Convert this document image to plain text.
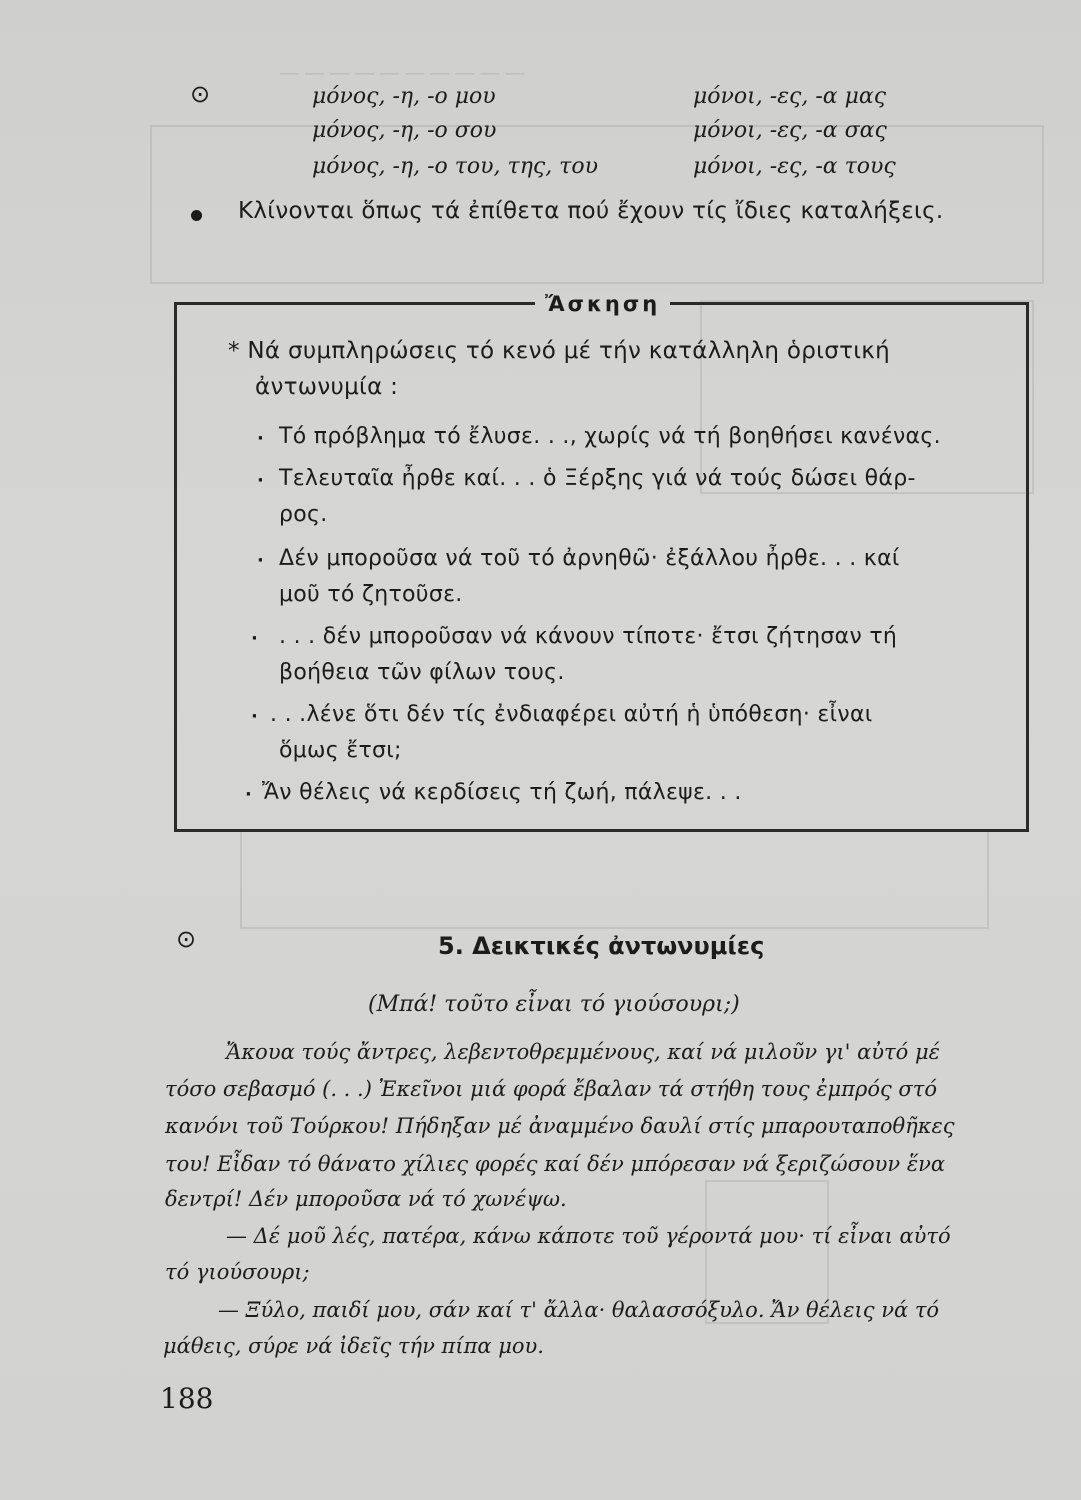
― ― ― ― ― ― ― ― ― ―
⊙	μόνος, -η, -ο μου	μόνοι, -ες, -α μας
μόνος, -η, -ο σου	μόνοι, -ες, -α σας
μόνος, -η, -ο του, της, του	μόνοι, -ες, -α τους
Κλίνονται ὅπως τά ἐπίθετα πού ἔχουν τίς ἴδιες καταλήξεις.
Ἄσκηση
* Νά συμπληρώσεις τό κενό μέ τήν κατάλληλη ὁριστική
ἀντωνυμία :
· Τό πρόβλημα τό ἔλυσε. . ., χωρίς νά τή βοηθήσει κανένας.
· Τελευταῖα ἦρθε καί. . . ὁ Ξέρξης γιά νά τούς δώσει θάρ-
ρος.
· Δέν μποροῦσα νά τοῦ τό ἀρνηθῶ· ἐξάλλου ἦρθε. . . καί
μοῦ τό ζητοῦσε.
· . . . δέν μποροῦσαν νά κάνουν τίποτε· ἔτσι ζήτησαν τή
βοήθεια τῶν φίλων τους.
· . . .λένε ὅτι δέν τίς ἐνδιαφέρει αὐτή ἡ ὑπόθεση· εἶναι
ὅμως ἔτσι;
· Ἄν θέλεις νά κερδίσεις τή ζωή, πάλεψε. . .
⊙	5. Δεικτικές ἀντωνυμίες
(Μπά! τοῦτο εἶναι τό γιούσουρι;)
Ἄκουα τούς ἄντρες, λεβεντοθρεμμένους, καί νά μιλοῦν γι' αὐτό μέ
τόσο σεβασμό (. . .) Ἐκεῖνοι μιά φορά ἔβαλαν τά στήθη τους ἐμπρός στό
κανόνι τοῦ Τούρκου! Πήδηξαν μέ ἀναμμένο δαυλί στίς μπαρουταποθῆκες
του! Εἶδαν τό θάνατο χίλιες φορές καί δέν μπόρεσαν νά ξεριζώσουν ἕνα
δεντρί! Δέν μποροῦσα νά τό χωνέψω.
— Δέ μοῦ λές, πατέρα, κάνω κάποτε τοῦ γέροντά μου· τί εἶναι αὐτό
τό γιούσουρι;
— Ξύλο, παιδί μου, σάν καί τ' ἄλλα· θαλασσόξυλο. Ἄν θέλεις νά τό
μάθεις, σύρε νά ἰδεῖς τήν πίπα μου.
188
